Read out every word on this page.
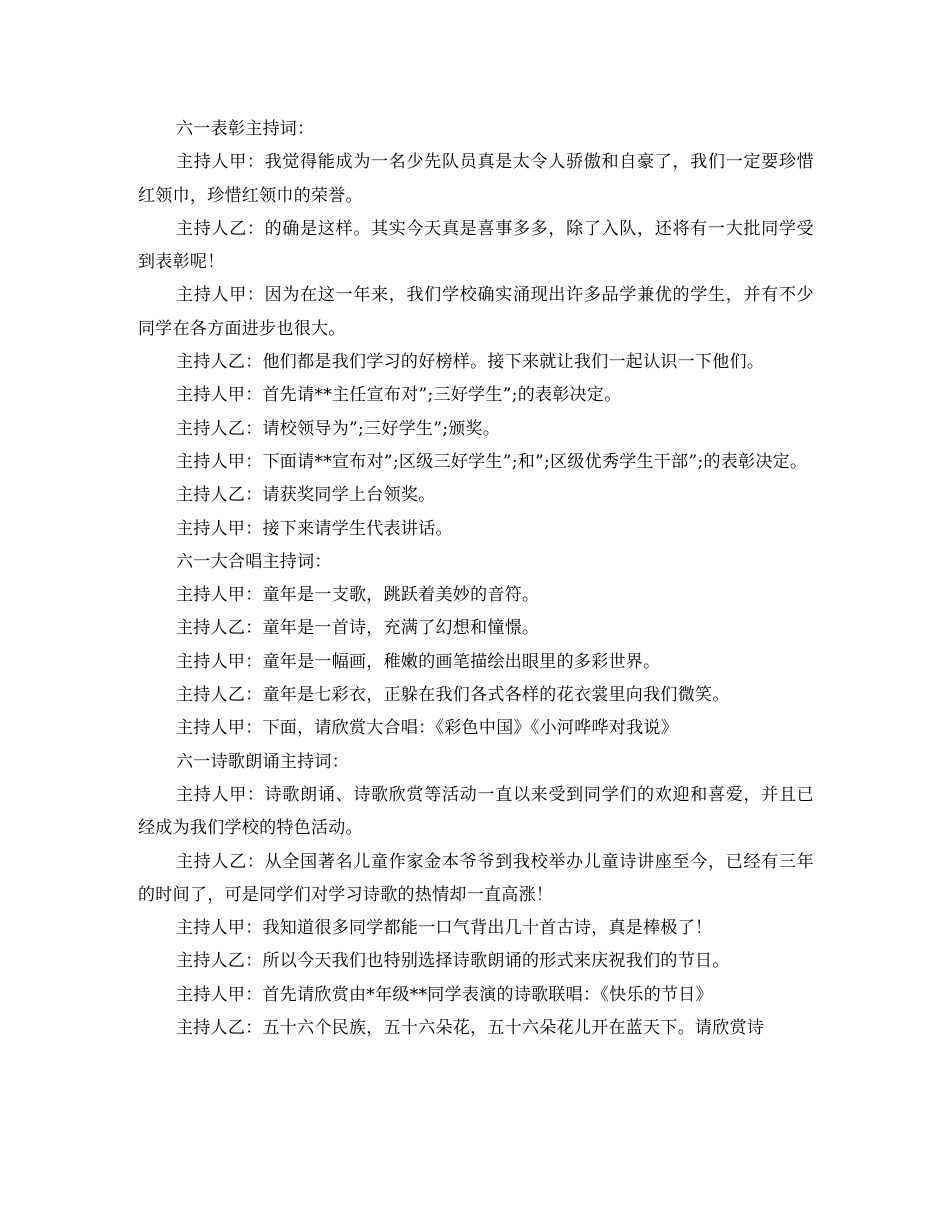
六一表彰主持词：

主持人甲：我觉得能成为一名少先队员真是太令人骄傲和自豪了，我们一定要珍惜红领巾，珍惜红领巾的荣誉。

主持人乙：的确是这样。其实今天真是喜事多多，除了入队，还将有一大批同学受到表彰呢！

主持人甲：因为在这一年来，我们学校确实涌现出许多品学兼优的学生，并有不少同学在各方面进步也很大。

主持人乙：他们都是我们学习的好榜样。接下来就让我们一起认识一下他们。

主持人甲：首先请**主任宣布对”;三好学生”;的表彰决定。

主持人乙：请校领导为”;三好学生”;颁奖。

主持人甲：下面请**宣布对”;区级三好学生”;和”;区级优秀学生干部”;的表彰决定。

主持人乙：请获奖同学上台领奖。

主持人甲：接下来请学生代表讲话。

六一大合唱主持词：

主持人甲：童年是一支歌，跳跃着美妙的音符。

主持人乙：童年是一首诗，充满了幻想和憧憬。

主持人甲：童年是一幅画，稚嫩的画笔描绘出眼里的多彩世界。

主持人乙：童年是七彩衣，正躲在我们各式各样的花衣裳里向我们微笑。

主持人甲：下面，请欣赏大合唱：《彩色中国》《小河哗哗对我说》

六一诗歌朗诵主持词：

主持人甲：诗歌朗诵、诗歌欣赏等活动一直以来受到同学们的欢迎和喜爱，并且已经成为我们学校的特色活动。

主持人乙：从全国著名儿童作家金本爷爷到我校举办儿童诗讲座至今，已经有三年的时间了，可是同学们对学习诗歌的热情却一直高涨！

主持人甲：我知道很多同学都能一口气背出几十首古诗，真是棒极了！

主持人乙：所以今天我们也特别选择诗歌朗诵的形式来庆祝我们的节日。

主持人甲：首先请欣赏由*年级**同学表演的诗歌联唱：《快乐的节日》

主持人乙：五十六个民族，五十六朵花，五十六朵花儿开在蓝天下。请欣赏诗
